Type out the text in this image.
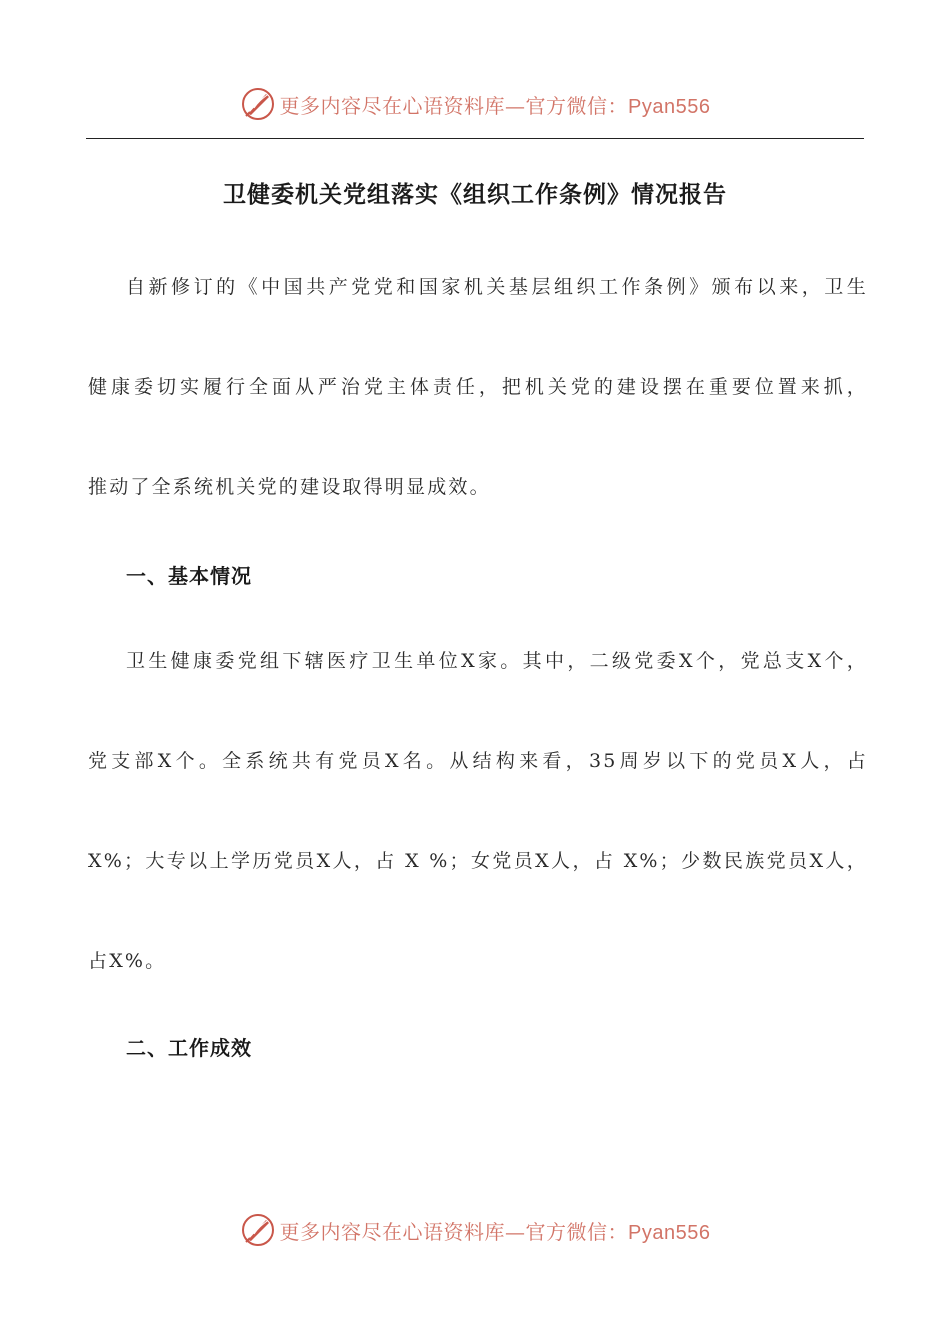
更多内容尽在心语资料库—官方微信：Pyan556
卫健委机关党组落实《组织工作条例》情况报告
自新修订的《中国共产党党和国家机关基层组织工作条例》颁布以来，卫生
健康委切实履行全面从严治党主体责任，把机关党的建设摆在重要位置来抓，
推动了全系统机关党的建设取得明显成效。
一、基本情况
卫生健康委党组下辖医疗卫生单位X家。其中，二级党委X个，党总支X个，
党支部X个。全系统共有党员X名。从结构来看，35周岁以下的党员X人，占
X%；大专以上学历党员X人，占 X %；女党员X人，占 X%；少数民族党员X人，
占X%。
二、工作成效
更多内容尽在心语资料库—官方微信：Pyan556
